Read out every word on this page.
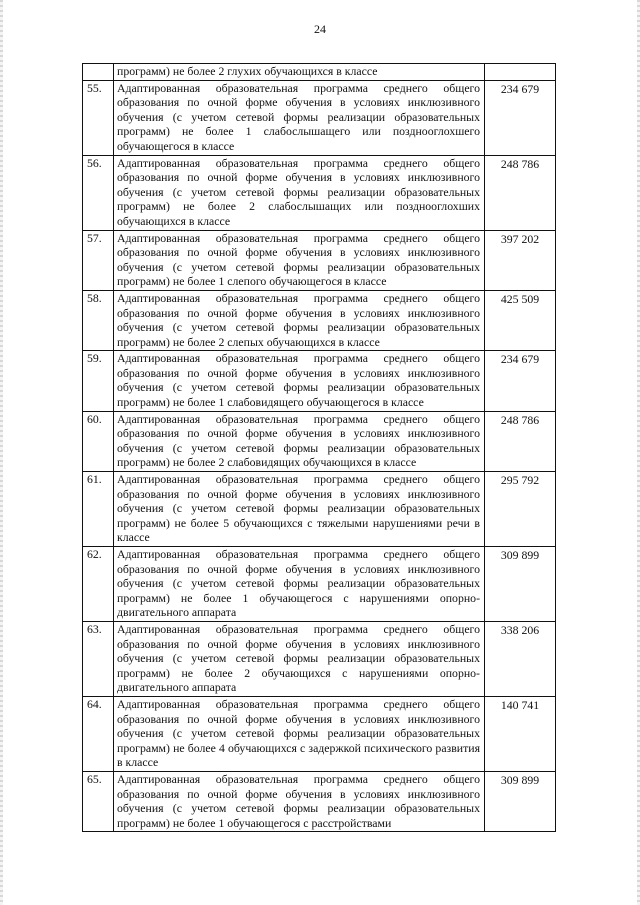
24
	программ) не более 2 глухих обучающихся в классе	
55.	Адаптированная образовательная программа среднего общего образования по очной форме обучения в условиях инклюзивного обучения (с учетом сетевой формы реализации образовательных программ) не более 1 слабослышащего или позднооглохшего обучающегося в классе	234 679
56.	Адаптированная образовательная программа среднего общего образования по очной форме обучения в условиях инклюзивного обучения (с учетом сетевой формы реализации образовательных программ) не более 2 слабослышащих или позднооглохших обучающихся в классе	248 786
57.	Адаптированная образовательная программа среднего общего образования по очной форме обучения в условиях инклюзивного обучения (с учетом сетевой формы реализации образовательных программ) не более 1 слепого обучающегося в классе	397 202
58.	Адаптированная образовательная программа среднего общего образования по очной форме обучения в условиях инклюзивного обучения (с учетом сетевой формы реализации образовательных программ) не более 2 слепых обучающихся в классе	425 509
59.	Адаптированная образовательная программа среднего общего образования по очной форме обучения в условиях инклюзивного обучения (с учетом сетевой формы реализации образовательных программ) не более 1 слабовидящего обучающегося в классе	234 679
60.	Адаптированная образовательная программа среднего общего образования по очной форме обучения в условиях инклюзивного обучения (с учетом сетевой формы реализации образовательных программ) не более 2 слабовидящих обучающихся в классе	248 786
61.	Адаптированная образовательная программа среднего общего образования по очной форме обучения в условиях инклюзивного обучения (с учетом сетевой формы реализации образовательных программ) не более 5 обучающихся с тяжелыми нарушениями речи в классе	295 792
62.	Адаптированная образовательная программа среднего общего образования по очной форме обучения в условиях инклюзивного обучения (с учетом сетевой формы реализации образовательных программ) не более 1 обучающегося с нарушениями опорно-двигательного аппарата	309 899
63.	Адаптированная образовательная программа среднего общего образования по очной форме обучения в условиях инклюзивного обучения (с учетом сетевой формы реализации образовательных программ) не более 2 обучающихся с нарушениями опорно-двигательного аппарата	338 206
64.	Адаптированная образовательная программа среднего общего образования по очной форме обучения в условиях инклюзивного обучения (с учетом сетевой формы реализации образовательных программ) не более 4 обучающихся с задержкой психического развития в классе	140 741
65.	Адаптированная образовательная программа среднего общего образования по очной форме обучения в условиях инклюзивного обучения (с учетом сетевой формы реализации образовательных программ) не более 1 обучающегося с расстройствами	309 899
